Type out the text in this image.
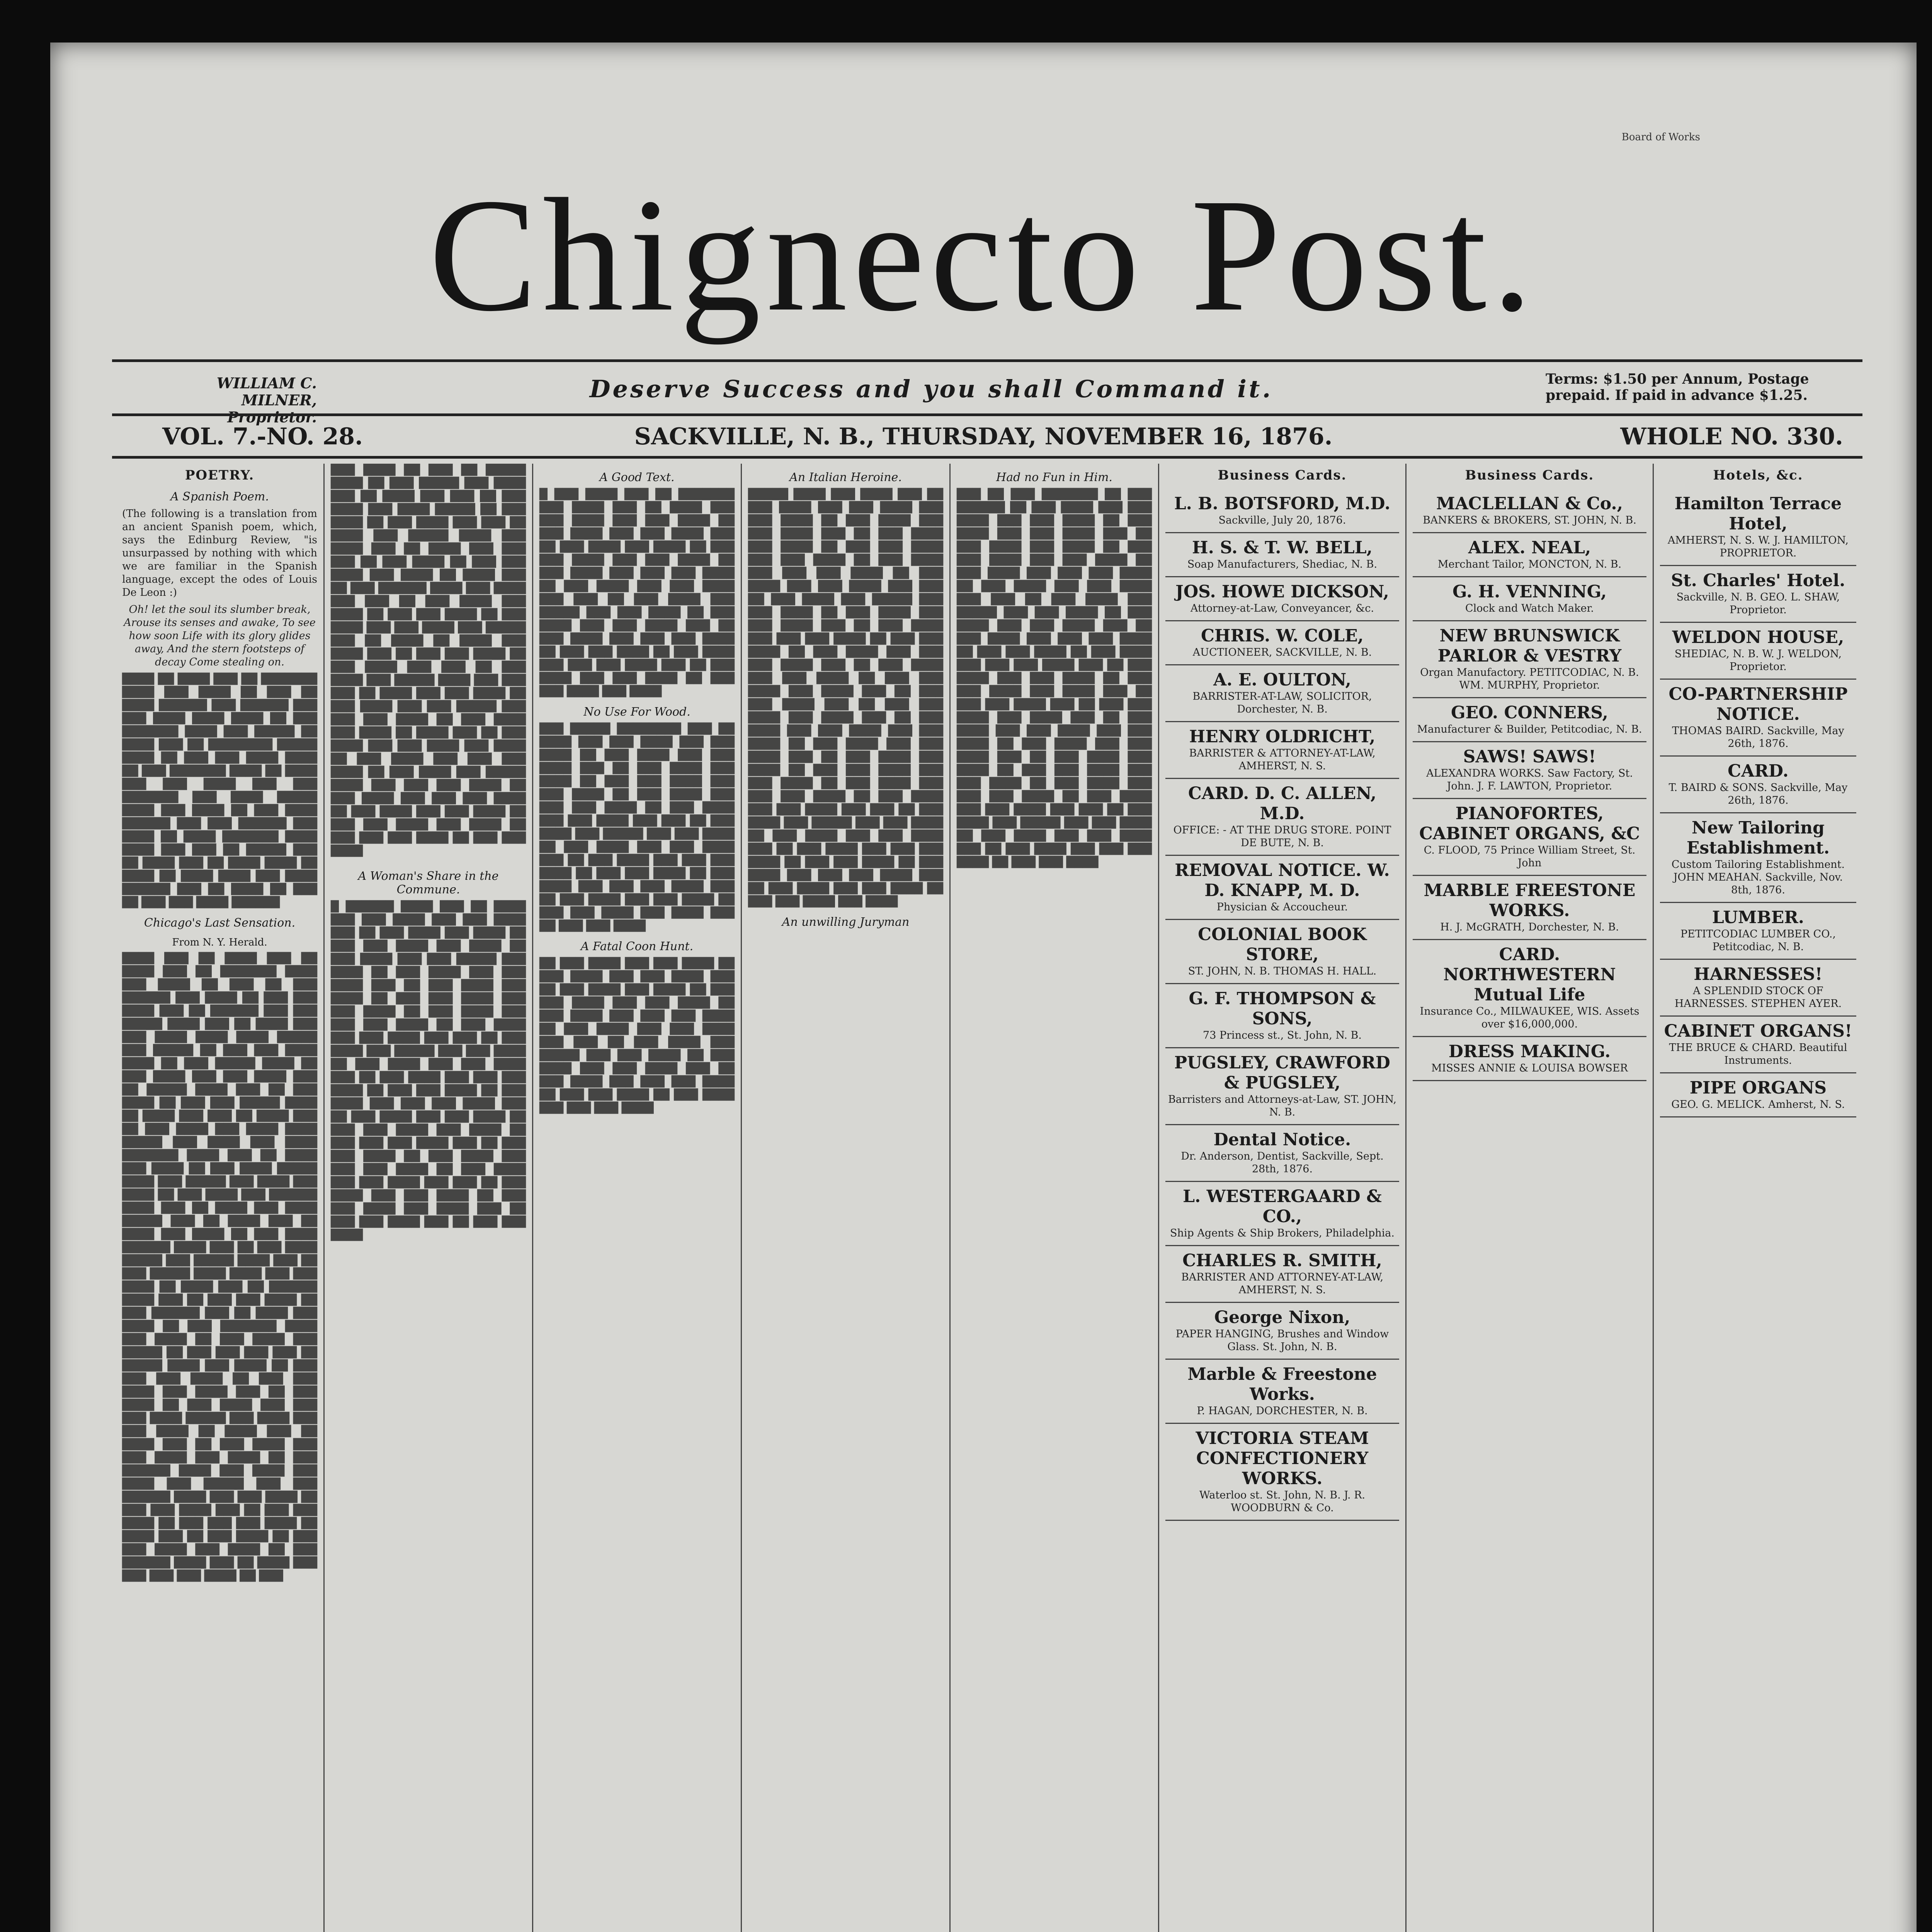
Board of Works
Chignecto Post.
WILLIAM C. MILNER, Proprietor.
Deserve Success and you shall Command it.	Terms: $1.50 per Annum, Postage prepaid. If paid in advance $1.25.
VOL. 7.-NO. 28.	SACKVILLE, N. B., THURSDAY, NOVEMBER 16, 1876.	WHOLE NO. 330.
POETRY.
A Spanish Poem.

(The following is a translation from an ancient Spanish poem, which, says the Edinburg Review, "is unsurpassed by nothing with which we are familiar in the Spanish language, except the odes of Louis De Leon :)

Oh! let the soul its slumber break, Arouse its senses and awake, To see how soon Life with its glory glides away, And the stern footsteps of decay Come stealing on.

████ ██ ████ ███ ██ ███████ ████ ███ ████ ██ ███ ██ ████ ██████ ███ ██████ ███ ███ ████ ████ ████ ██ ███ ███████ ████ ███ █████ ██ ████ ███ ██ ████████ █████ ████ ██ ███ ███ ████ ████ ██ ███ ███████ ████ ██ ████ ███ ███ ████ ███ ███ ███████ ███ ████ █████ ████ ███ ████ ██ ███ ████ ██████ ███ ███ ██████ ███ ████ ██ ████ ███████ ████ ████ ███ ███ ██ █████ ███ ██ ████ ███ ██ ████ ████ ██ ████ ██ ████ ████ ███ ████ ██████ ███ ██ ████ ██ ███ ██ ███ ███ ████ ██████
Chicago's Last Sensation.
From N. Y. Herald.
████ ███ ██ ████ ███ ██ ████ ███ ██ ███████ ████ ███ ████ ██ ███ ██ ███ ██████ ███ ████ ██ ███ ███ ████ ███ ██ ██████ ███ ███ █████ ████ ███ ██ ████ ███ ███ ████ ████ ████ █████ ███ █████ ██ ███ ███ ████ ████ ██ ███ █████ ████ ██ ███ ████ ███ ███ ████ ███ ██ █████ ████ ███ ██ ███ ████ ██ ███ ███ █████ ████ ██ ████ ███ ███ ██ ████ ███ ██ ███ ████ ███ ████ ████ █████ ███ ████ ███ ████ ███████ ████ ███ ██ ████ ███ ████ ██ ███ ████ █████ ████ ███ █████ ███ ████ ███ ████ ██ ███ ████ ███ ██████ ████ ███ ██ ████ ███ ████ █████ ███ ██ ████ ███ ██ ████ ███ ████ ██ ███ ████ ██████ ████ ███ ██ ███ ████ █████ ███ █████ ████ ███ ██ ███ █████ ████ ████ ███ ███ ████ ██ ████ ███ ██ ██████ ████ ███ ██ ███ ███ ████ ██ ███ ██████ ███ ██ ████ ███ ████ ██ ███ ███████ ████ ███ ████ ██ ███ ████ ███ █████ ██ ███ ███ ███ ███ ██ █████ ████ ███ ████ ██ ███ ███ ███ ████ ██ ███ ███ ████ ███ ████ ███ ██ ███ ████ ██ ███ ████ ███ ███ ███ ████ █████ ███ ████ ███ ███ ████ ██ ████ ███ ██ ████ ███ ██ ███ ████ ███ ███ ████ ███ ████ ██ ███ ██████ ████ ███ ████ ███ ████ ███ █████ ███ ███ ██████ ████ ███ ███ ████ ██ ███ ███ ████ ███ ██ ███ ███ ████ ██ ███ ███ ███ ████ ██ ████ ███ ██ ███ ████ ██ ███ ███ ████ ███ ████ ██ ███ ██████ ████ ███ ██ ████ ███ ███ ███ ███ ████ ██ ███
███ ████ ██ ███ ██ █████ ████ ██ ███ █████ ███ ████ ███ ██ ████ ███ ███ ██ ███ ████ ███ ████ █████ ██ ███ ████ ██ ███ ████ ███ ███ ██ ████ ███ █████ ████ ███ ████ ███ ██ ████ ███ ███ ███ ██ ███ ████ ██ ███ ███ ████ ███ ████ ██ ████ ███ ██ ███ ██████ ████ ███ ████ ███ ███ ██ ███ ████ ███ ████ ██ ███ ███ ████ ██ ███ ████ ███ ███ ████ ███ █████ ███ ██ ████ ██ ████ ███ ████ ███ ██ ███ ███ ████ ██ ███ ████ ███ ███ ██ ███ ████ ███ █████ ████ ███ ███ ███ ██ ████ ███ ███ ████ ██ ███ ████ ███ ███ █████ ███ ███ ███ ████ ██ ███ ████ ███ ████ ██ ████ ███ ██ ███ ████ ███ ███ ████ ███ ████ ██ ███ ████ ███ ███ ███ ████ ██ ███ ████ ███ █████ ████ ███ ███ ███ ████ ██ ███ ████ ███ ███ ███ ████ ██ ███ ████ ███ ███ ████ ██ ███ ███ ████ ███ ████ ██ ███ ███ ███ ████ ██ ███ ███ ████
A Woman's Share in the Commune.
█ ██████ ████ ███ ██ ████ ███ ███ ████ ███ ███ ████ ███ ██ ███ ████ ███ ████ ██ ███ ███ ████ ███ ████ ██ ███ ████ ███ ███ █████ ███ ████ ██ ███ ████ ███ ███ ████ ███ ██ ███ ████ ███ ████ ██ ███ ███ ████ ███ ███ ████ ██ ███ ████ ███ ███ ███ ████ ██ ███ ████ ███ ███ ████ ███ ███ ██ ███ ████ ███ █████ ███ ███ ████ ██ ███ ████ ███ ███ ████ ███ ██ ███ ████ ███ ███ ███ ████ ██ ███ ███ ████ ██ ███ ████ ███ ███ ███ ████ ███ ██ ███ ████ ███ ███ ████ ██ ███ ███ ████ ███ ████ ██ ███ ███ ███ ████ ███ ██ ███ ███ ████ ██ ███ ████ ███ ███ ███ ████ ██ ███ ████ ███ ███ ████ ███ ███ ██ ███ ████ ███ ███ ████ ██ ███ ███ ████ ███ ████ ███ ██ ███ ███ ████ ███ ██ ███ ███ ████
A Good Text.
█ ███ ████ ███ ██ ███████ ███ ████ ███ ██ ████ ███ ███ ████ ███ ███ ████ ██ ███ ████ ███ ███ ████ ███ ██ ███ ████ ███ ████ ██ ███ ███ ████ ███ ███ ████ ██ ███ ████ ███ ███ ███ ████ ██ ███ ████ ███ ███ ████ ███ ███ ██ ███ ████ ███ █████ ███ ███ ████ ██ ███ ████ ███ ███ ████ ███ ██ ███ ████ ███ ███ ███ ████ ██ ███ ███ ████ ██ ███ ████ ███ ███ ███ ████ ███ ██ ███ ████ ███ ███ ████ ██ ███ ███ ████ ███ ████
No Use For Wood.
███ █████ ████████ ███ ██ ████ ███ ███ ████ ███ ███ ████ ██ ███ ████ ███ ███ ████ ███ ██ ███ ████ ███ ████ ██ ███ ███ ████ ███ ███ ████ ██ ███ ████ ███ ███ ███ ████ ██ ███ ████ ███ ███ ████ ███ ███ ██ ███ ████ ███ █████ ███ ███ ████ ██ ███ ████ ███ ███ ████ ███ ██ ███ ████ ███ ███ ███ ████ ██ ███ ███ ████ ██ ███ ████ ███ ███ ███ ████ ███ ██ ███ ████ ███ ███ ████ ██ ███ ███ ████ ███ ████ ███ ██ ███ ███ ████
A Fatal Coon Hunt.
██ ███ ████ ███ ███ ████ ██ ███ ████ ███ ███ ████ ███ ██ ███ ████ ███ ████ ██ ███ ███ ████ ███ ███ ████ ██ ███ ████ ███ ███ ███ ████ ██ ███ ████ ███ ███ ████ ███ ███ ██ ███ ████ ███ █████ ███ ███ ████ ██ ███ ████ ███ ███ ████ ███ ██ ███ ████ ███ ███ ███ ████ ██ ███ ███ ████ ██ ███ ████ ███ ███ ███ ████
An Italian Heroine.
█████ ████ ███ ████ ███ ██ ███ ████ ███ ███ ████ ███ ███ ████ ██ ███ ████ ███ ███ ████ ███ ██ ███ ████ ███ ████ ██ ███ ███ ████ ███ ███ ████ ██ ███ ████ ███ ███ ███ ████ ██ ███ ████ ███ ███ ████ ███ ███ ██ ███ ████ ███ █████ ███ ███ ████ ██ ███ ████ ███ ███ ████ ███ ██ ███ ████ ███ ███ ███ ████ ██ ███ ███ ████ ██ ███ ████ ███ ███ ███ ████ ███ ██ ███ ████ ███ ███ ████ ██ ███ ███ ████ ███ ████ ███ ██ ███ ███ ████ ███ ██ ███ ███ ████ ███ ████ ███ ██ ███ ████ ███ ███ ████ ███ ███ ████ ██ ███ ████ ███ ███ ████ ███ ██ ███ ████ ███ ████ ██ ███ ███ ████ ███ ███ ████ ██ ███ ████ ███ ███ ███ ████ ██ ███ ████ ███ ███ ████ ███ ███ ██ ███ ████ ███ █████ ███ ███ ████ ██ ███ ████ ███ ███ ████ ███ ██ ███ ████ ███ ███ ███ ████ ██ ███ ███ ████ ██ ███ ████ ███ ███ ███ ████ ███ ██ ███ ████ ███ ███ ████ ██ ███ ███ ████ ███ ████
An unwilling Juryman
Had no Fun in Him.
███ ██ ███ ███████ ██ ███ ██████ ██ ███ ████ ███ ███ ████ ███ ███ ████ ██ ███ ████ ███ ███ ████ ███ ██ ███ ████ ███ ████ ██ ███ ███ ████ ███ ███ ████ ██ ███ ████ ███ ███ ███ ████ ██ ███ ████ ███ ███ ████ ███ ███ ██ ███ ████ ███ █████ ███ ███ ████ ██ ███ ████ ███ ███ ████ ███ ██ ███ ████ ███ ███ ███ ████ ██ ███ ███ ████ ██ ███ ████ ███ ███ ███ ████ ███ ██ ███ ████ ███ ███ ████ ██ ███ ███ ████ ███ ████ ███ ██ ███ ███ ████ ███ ██ ███ ███ ████ ███ ████ ███ ██ ███ ████ ███ ███ ████ ███ ███ ████ ██ ███ ████ ███ ███ ████ ███ ██ ███ ████ ███ ████ ██ ███ ███ ████ ███ ███ ████ ██ ███ ████ ███ ███ ███ ████ ██ ███ ████ ███ ███ ████ ███ ███ ██ ███ ████ ███ █████ ███ ███ ████ ██ ███ ████ ███ ███ ████ ███ ██ ███ ████ ███ ███ ███ ████ ██ ███ ███ ████
Business Cards.
L. B. BOTSFORD, M.D.
Sackville, July 20, 1876.
H. S. & T. W. BELL,
Soap Manufacturers, Shediac, N. B.
JOS. HOWE DICKSON,
Attorney-at-Law, Conveyancer, &c.
CHRIS. W. COLE,
AUCTIONEER, SACKVILLE, N. B.
A. E. OULTON,
BARRISTER-AT-LAW, SOLICITOR, Dorchester, N. B.
HENRY OLDRICHT,
BARRISTER & ATTORNEY-AT-LAW, AMHERST, N. S.
CARD. D. C. ALLEN, M.D.
OFFICE: - AT THE DRUG STORE. POINT DE BUTE, N. B.
REMOVAL NOTICE. W. D. KNAPP, M. D.
Physician & Accoucheur.
COLONIAL BOOK STORE,
ST. JOHN, N. B. THOMAS H. HALL.
G. F. THOMPSON & SONS,
73 Princess st., St. John, N. B.
PUGSLEY, CRAWFORD & PUGSLEY,
Barristers and Attorneys-at-Law, ST. JOHN, N. B.
Dental Notice.
Dr. Anderson, Dentist, Sackville, Sept. 28th, 1876.
L. WESTERGAARD & CO.,
Ship Agents & Ship Brokers, Philadelphia.
CHARLES R. SMITH,
BARRISTER AND ATTORNEY-AT-LAW, AMHERST, N. S.
George Nixon,
PAPER HANGING, Brushes and Window Glass. St. John, N. B.
Marble & Freestone Works.
P. HAGAN, DORCHESTER, N. B.
VICTORIA STEAM CONFECTIONERY WORKS.
Waterloo st. St. John, N. B. J. R. WOODBURN & Co.
Business Cards.
MACLELLAN & Co.,
BANKERS & BROKERS, ST. JOHN, N. B.
ALEX. NEAL,
Merchant Tailor, MONCTON, N. B.
G. H. VENNING,
Clock and Watch Maker.
NEW BRUNSWICK PARLOR & VESTRY
Organ Manufactory. PETITCODIAC, N. B. WM. MURPHY, Proprietor.
GEO. CONNERS,
Manufacturer & Builder, Petitcodiac, N. B.
SAWS! SAWS!
ALEXANDRA WORKS. Saw Factory, St. John. J. F. LAWTON, Proprietor.
PIANOFORTES, CABINET ORGANS, &C
C. FLOOD, 75 Prince William Street, St. John
MARBLE FREESTONE WORKS.
H. J. McGRATH, Dorchester, N. B.
CARD. NORTHWESTERN Mutual Life
Insurance Co., MILWAUKEE, WIS. Assets over $16,000,000.
DRESS MAKING.
MISSES ANNIE & LOUISA BOWSER
Hotels, &c.
Hamilton Terrace Hotel,
AMHERST, N. S. W. J. HAMILTON, PROPRIETOR.
St. Charles' Hotel.
Sackville, N. B. GEO. L. SHAW, Proprietor.
WELDON HOUSE,
SHEDIAC, N. B. W. J. WELDON, Proprietor.
CO-PARTNERSHIP NOTICE.
THOMAS BAIRD. Sackville, May 26th, 1876.
CARD.
T. BAIRD & SONS. Sackville, May 26th, 1876.
New Tailoring Establishment.
Custom Tailoring Establishment. JOHN MEAHAN. Sackville, Nov. 8th, 1876.
LUMBER.
PETITCODIAC LUMBER CO., Petitcodiac, N. B.
HARNESSES!
A SPLENDID STOCK OF HARNESSES. STEPHEN AYER.
CABINET ORGANS!
THE BRUCE & CHARD. Beautiful Instruments.
PIPE ORGANS
GEO. G. MELICK. Amherst, N. S.
